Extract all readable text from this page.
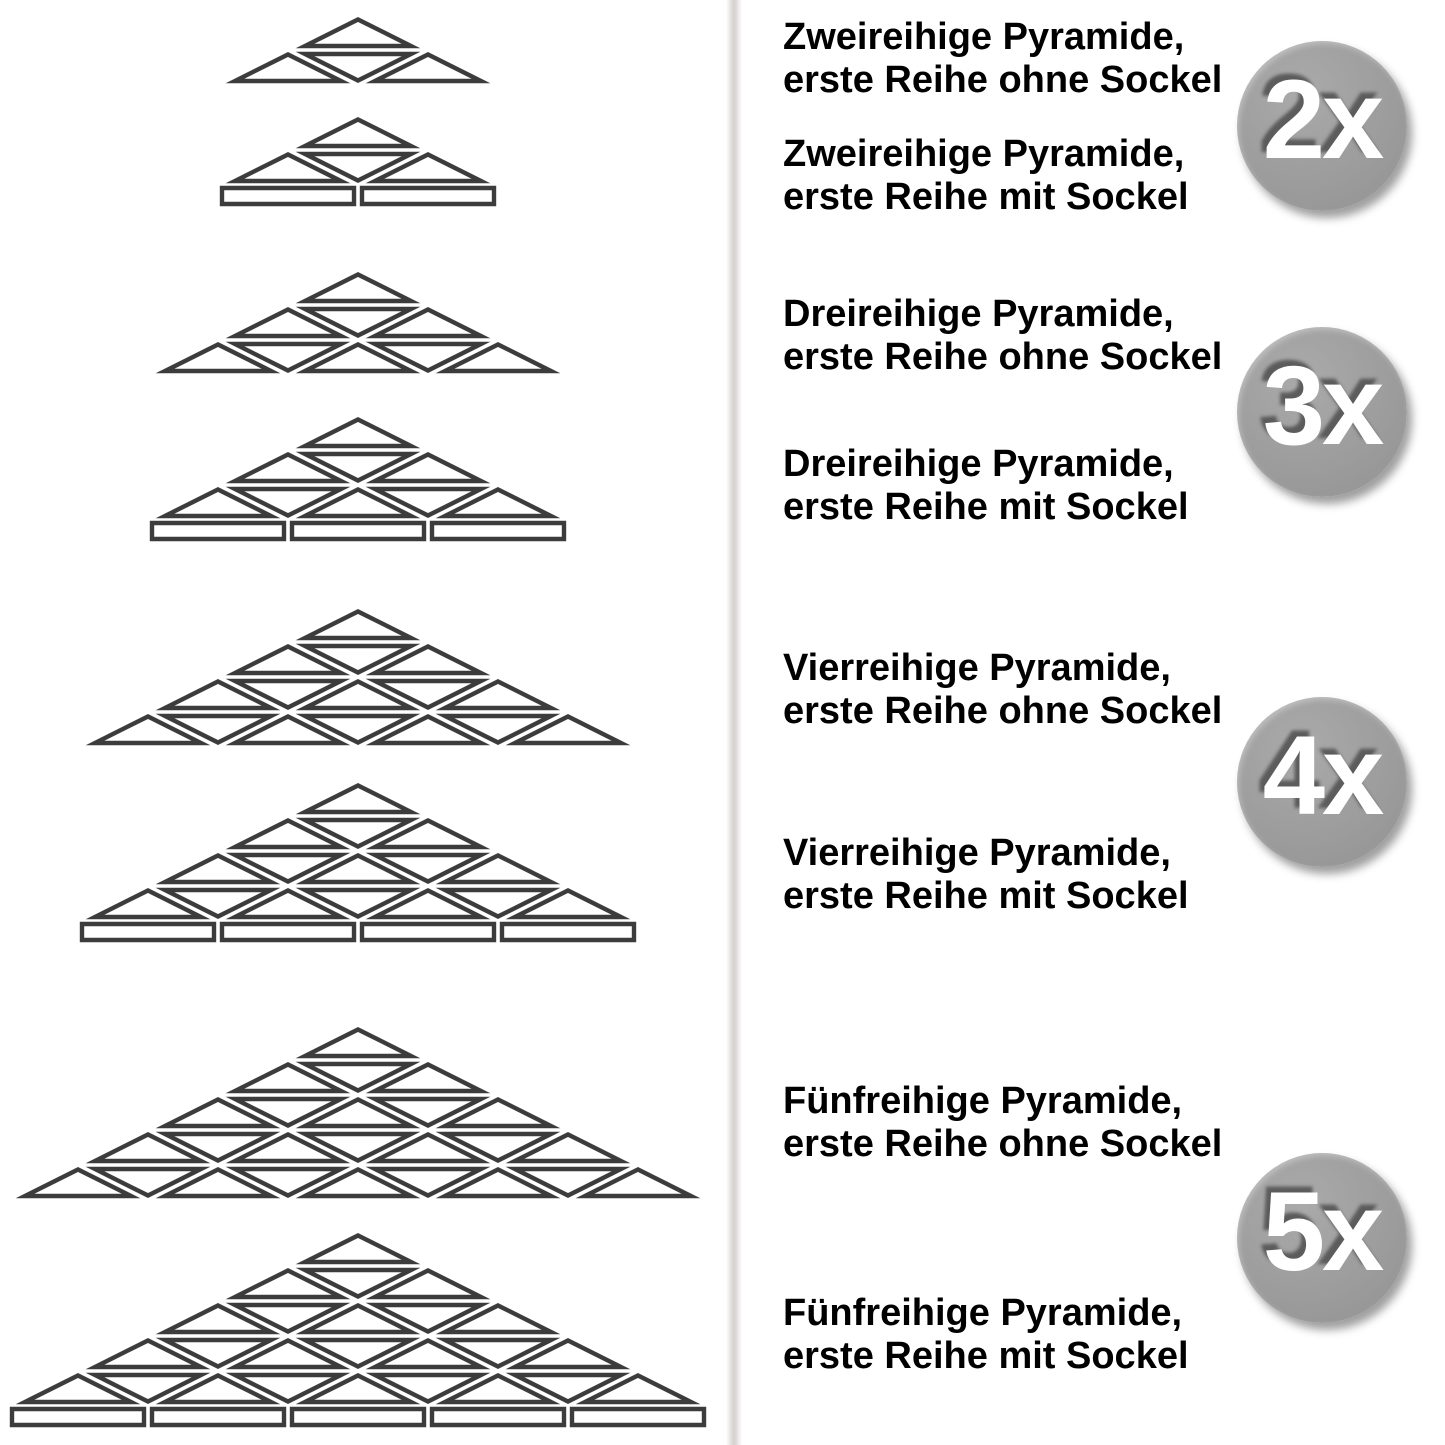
Zweireihige Pyramide,
erste Reihe ohne Sockel
Zweireihige Pyramide,
erste Reihe mit Sockel
Dreireihige Pyramide,
erste Reihe ohne Sockel
Dreireihige Pyramide,
erste Reihe mit Sockel
Vierreihige Pyramide,
erste Reihe ohne Sockel
Vierreihige Pyramide,
erste Reihe mit Sockel
Fünfreihige Pyramide,
erste Reihe ohne Sockel
Fünfreihige Pyramide,
erste Reihe mit Sockel
2x
3x
4x
5x
